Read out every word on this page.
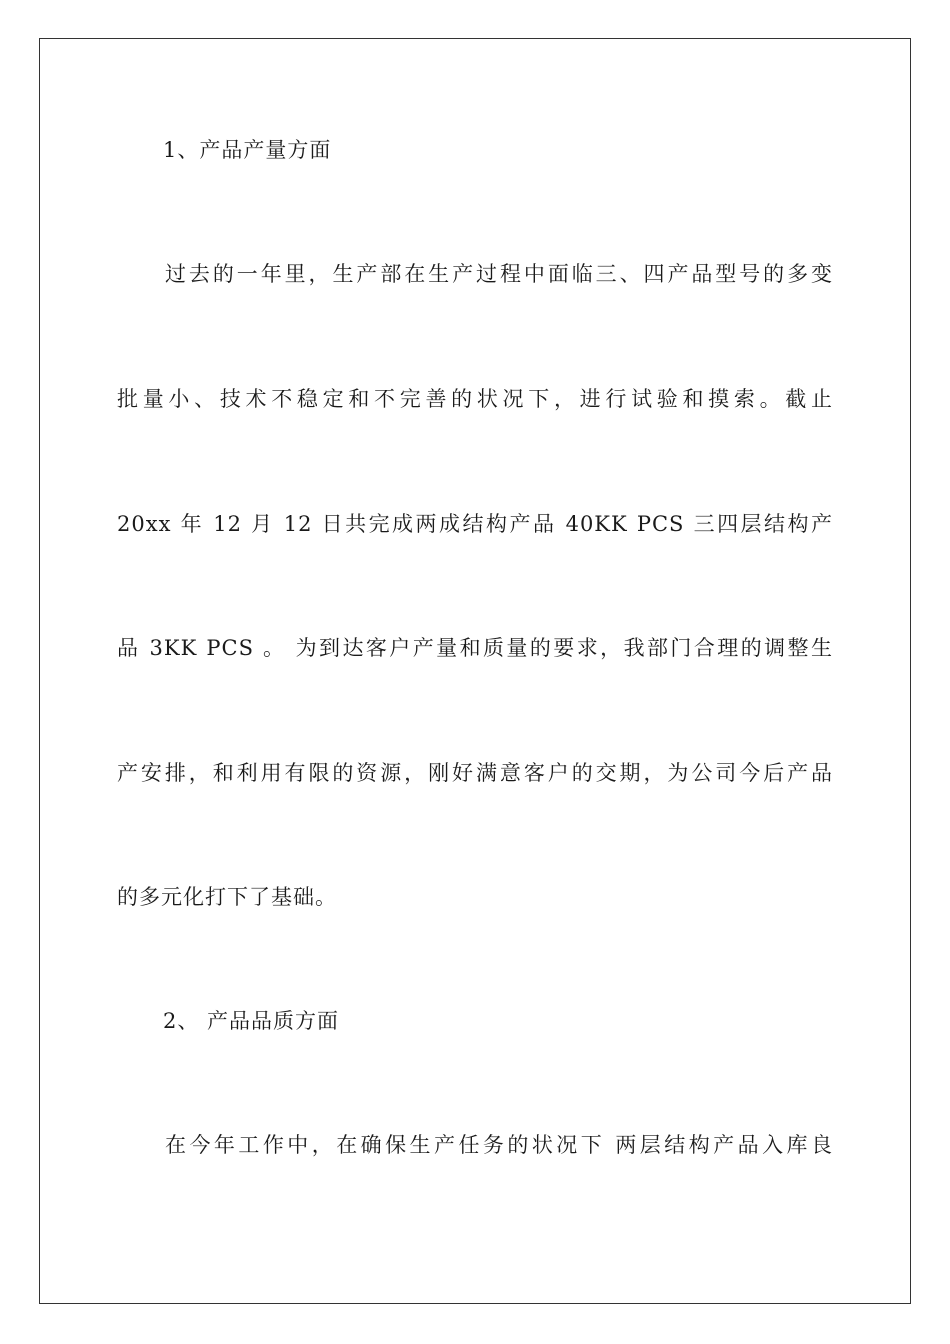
1、产品产量方面
过去的一年里，生产部在生产过程中面临三、四产品型号的多变
批量小、技术不稳定和不完善的状况下，进行试验和摸索。截止
20xx 年 12 月 12 日共完成两成结构产品 40KK PCS 三四层结构产
品 3KK PCS 。 为到达客户产量和质量的要求，我部门合理的调整生
产安排，和利用有限的资源，刚好满意客户的交期，为公司今后产品
的多元化打下了基础。
2、 产品品质方面
在今年工作中，在确保生产任务的状况下 两层结构产品入库良
